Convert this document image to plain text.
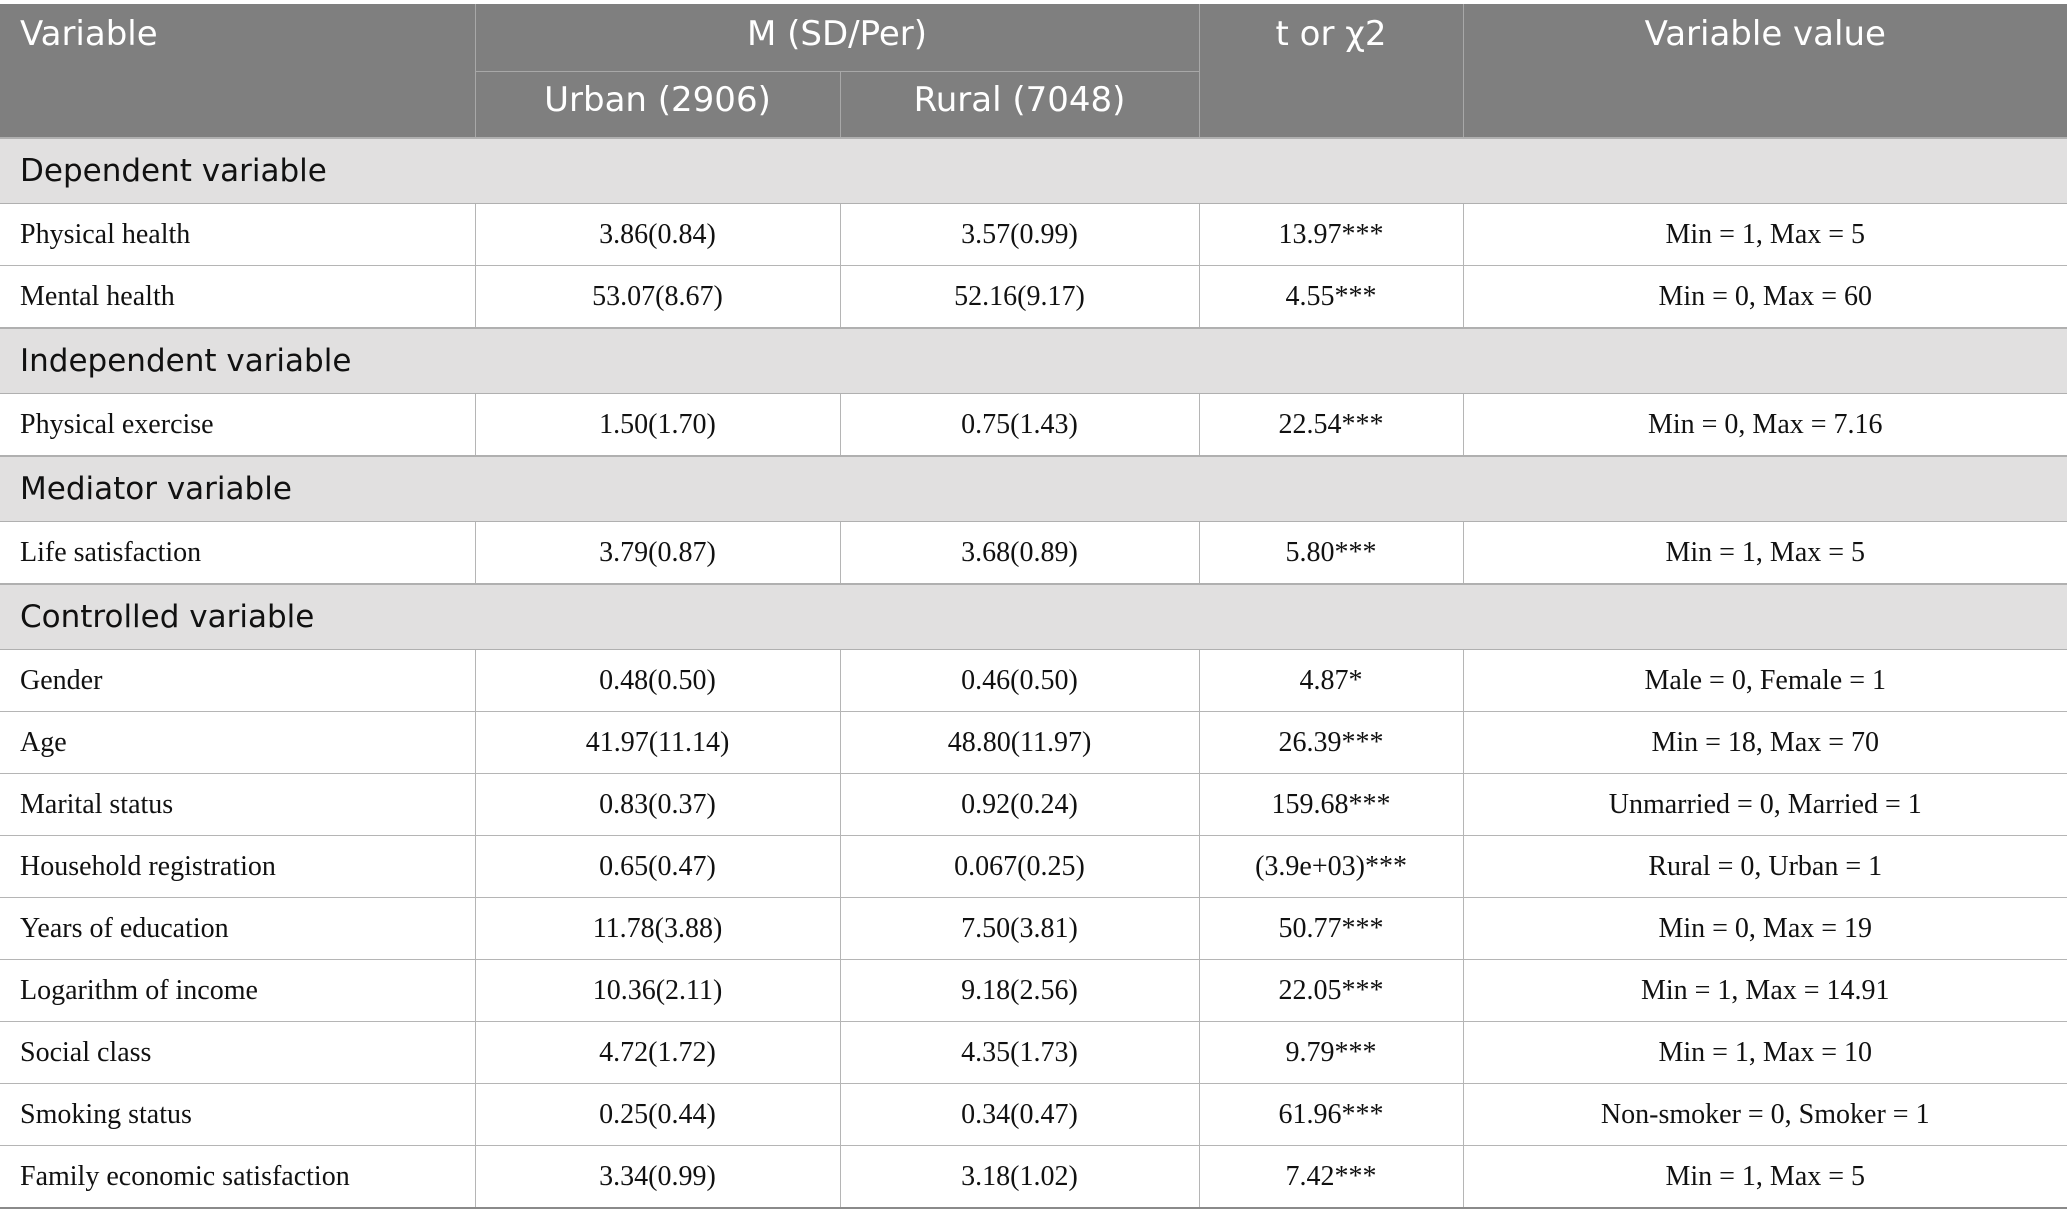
Variable	M (SD/Per)		t or χ2	Variable value
	Urban (2906)	Rural (7048)		
Dependent variable				
Physical health	3.86(0.84)	3.57(0.99)	13.97***	Min = 1, Max = 5
Mental health	53.07(8.67)	52.16(9.17)	4.55***	Min = 0, Max = 60
Independent variable				
Physical exercise	1.50(1.70)	0.75(1.43)	22.54***	Min = 0, Max = 7.16
Mediator variable				
Life satisfaction	3.79(0.87)	3.68(0.89)	5.80***	Min = 1, Max = 5
Controlled variable				
Gender	0.48(0.50)	0.46(0.50)	4.87*	Male = 0, Female = 1
Age	41.97(11.14)	48.80(11.97)	26.39***	Min = 18, Max = 70
Marital status	0.83(0.37)	0.92(0.24)	159.68***	Unmarried = 0, Married = 1
Household registration	0.65(0.47)	0.067(0.25)	(3.9e+03)***	Rural = 0, Urban = 1
Years of education	11.78(3.88)	7.50(3.81)	50.77***	Min = 0, Max = 19
Logarithm of income	10.36(2.11)	9.18(2.56)	22.05***	Min = 1, Max = 14.91
Social class	4.72(1.72)	4.35(1.73)	9.79***	Min = 1, Max = 10
Smoking status	0.25(0.44)	0.34(0.47)	61.96***	Non-smoker = 0, Smoker = 1
Family economic satisfaction	3.34(0.99)	3.18(1.02)	7.42***	Min = 1, Max = 5
